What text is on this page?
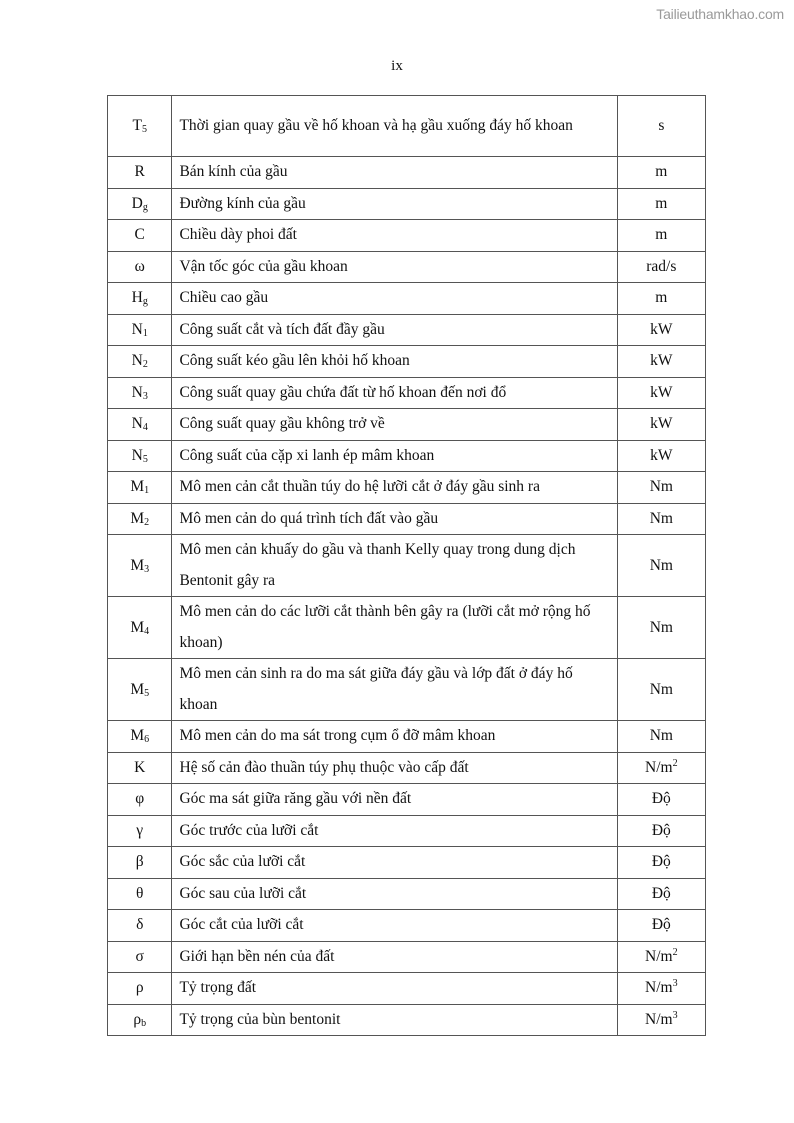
Tailieuthamkhao.com
ix
$T_5$	Thời gian quay gầu về hố khoan và hạ gầu xuống đáy hố khoan	s
R	Bán kính của gầu	m
$D_g$	Đường kính của gầu	m
C	Chiều dày phoi đất	m
ω	Vận tốc góc của gầu khoan	rad/s
$H_g$	Chiều cao gầu	m
$N_1$	Công suất cắt và tích đất đầy gầu	kW
$N_2$	Công suất kéo gầu lên khỏi hố khoan	kW
$N_3$	Công suất quay gầu chứa đất từ hố khoan đến nơi đổ	kW
$N_4$	Công suất quay gầu không trở về	kW
$N_5$	Công suất của cặp xi lanh ép mâm khoan	kW
$M_1$	Mô men cản cắt thuần túy do hệ lưỡi cắt ở đáy gầu sinh ra	Nm
$M_2$	Mô men cản do quá trình tích đất vào gầu	Nm
$M_3$	Mô men cản khuấy do gầu và thanh Kelly quay trong dung dịch Bentonit gây ra	Nm
$M_4$	Mô men cản do các lưỡi cắt thành bên gây ra (lưỡi cắt mở rộng hố khoan)	Nm
$M_5$	Mô men cản sinh ra do ma sát giữa đáy gầu và lớp đất ở đáy hố khoan	Nm
$M_6$	Mô men cản do ma sát trong cụm ổ đỡ mâm khoan	Nm
K	Hệ số cản đào thuần túy phụ thuộc vào cấp đất	$N/m^2$
φ	Góc ma sát giữa răng gầu với nền đất	Độ
γ	Góc trước của lưỡi cắt	Độ
β	Góc sắc của lưỡi cắt	Độ
θ	Góc sau của lưỡi cắt	Độ
δ	Góc cắt của lưỡi cắt	Độ
σ	Giới hạn bền nén của đất	$N/m^2$
ρ	Tỷ trọng đất	$N/m^3$
$\rho_b$	Tỷ trọng của bùn bentonit	$N/m^3$
